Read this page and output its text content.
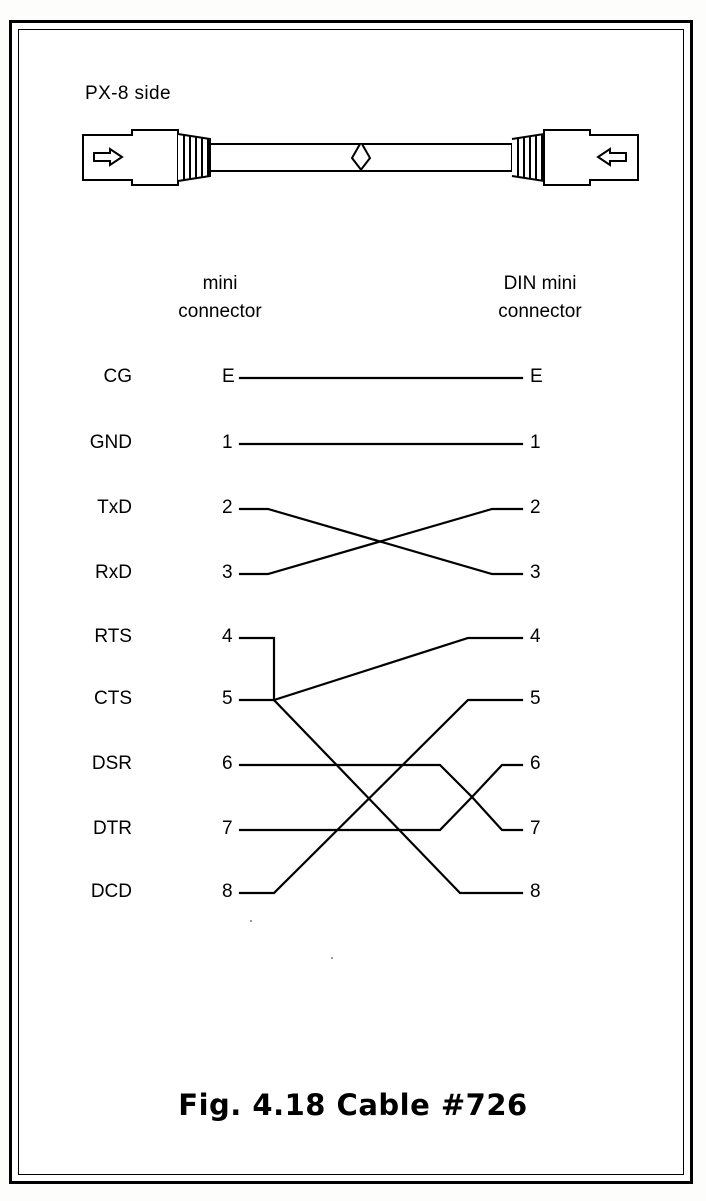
PX-8 side
mini
connector
DIN mini
connector
CG
GND
TxD
RxD
RTS
CTS
DSR
DTR
DCD
E
1
2
3
4
5
6
7
8
E
1
2
3
4
5
6
7
8
Fig. 4.18 Cable #726
